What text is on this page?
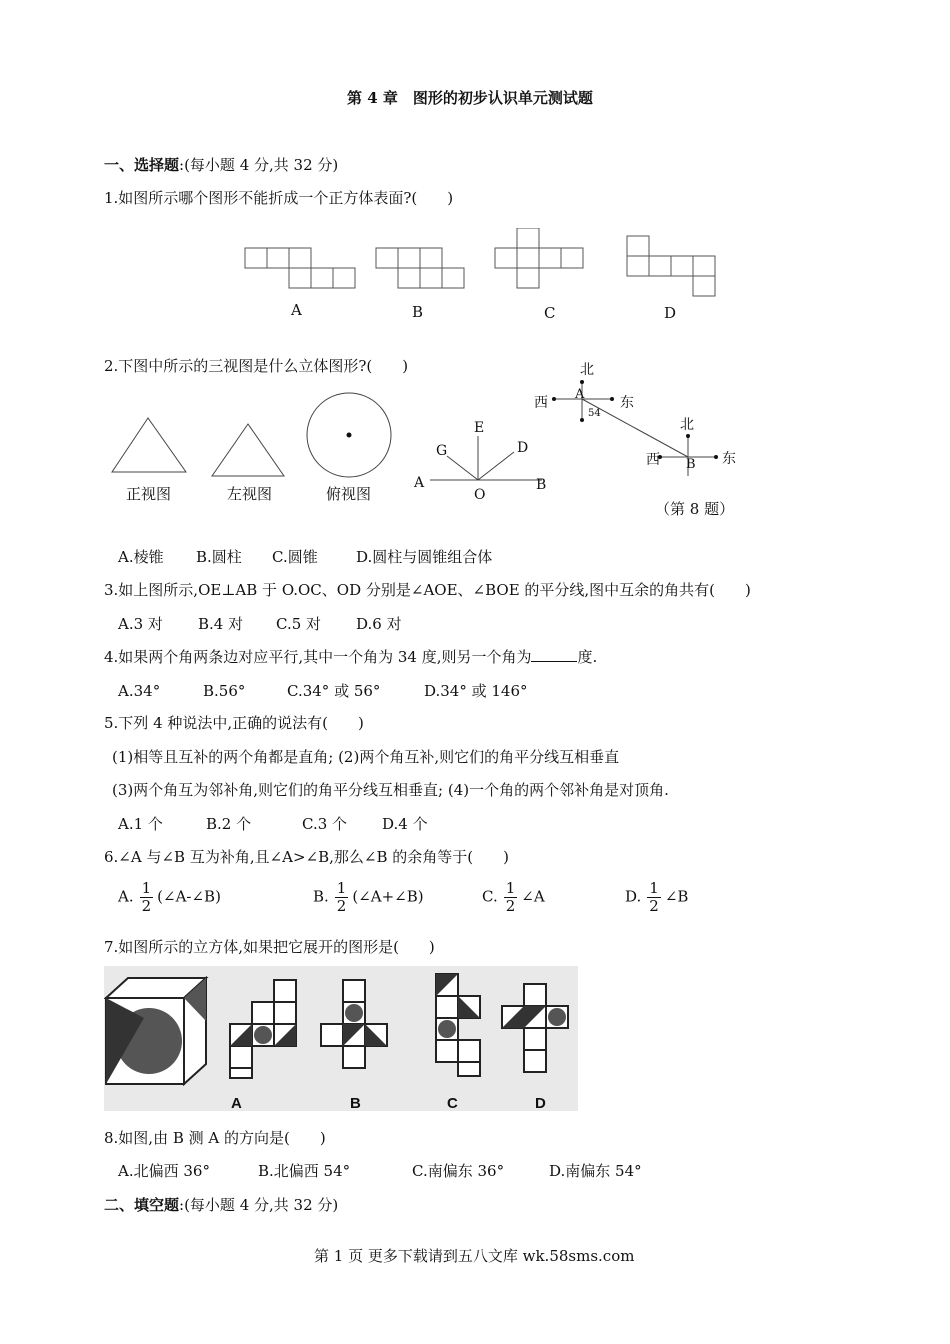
第 4 章　图形的初步认识单元测试题
一、选择题:(每小题 4 分,共 32 分)
1.如图所示哪个图形不能折成一个正方体表面?(　　)
A	B	C	D
2.下图中所示的三视图是什么立体图形?(　　)
正视图	左视图	俯视图
E
G	D
A
O
B
北
A
西	东
54
北
西 B 东
（第 8 题）
A.棱锥 B.圆柱 C.圆锥	D.圆柱与圆锥组合体
3.如上图所示,OE⊥AB 于 O.OC、OD 分别是∠AOE、∠BOE 的平分线,图中互余的角共有(　　)
A.3 对 B.4 对 C.5 对 D.6 对
4.如果两个角两条边对应平行,其中一个角为 34 度,则另一个角为	度.
A.34°	B.56°	C.34° 或 56°	D.34° 或 146°
5.下列 4 种说法中,正确的说法有(　　)
(1)相等且互补的两个角都是直角; (2)两个角互补,则它们的角平分线互相垂直
(3)两个角互为邻补角,则它们的角平分线互相垂直; (4)一个角的两个邻补角是对顶角.
A.1 个	B.2 个	C.3 个 D.4 个
6.∠A 与∠B 互为补角,且∠A>∠B,那么∠B 的余角等于(　　)
A. $\frac{1}{2}$ (∠A-∠B)	B. $\frac{1}{2}$ (∠A+∠B)	C. $\frac{1}{2}$ ∠A	D. $\frac{1}{2}$ ∠B
7.如图所示的立方体,如果把它展开的图形是(　　)
A	B	C	D
8.如图,由 B 测 A 的方向是(　　)
A.北偏西 36°	B.北偏西 54°	C.南偏东 36°	D.南偏东 54°
二、填空题:(每小题 4 分,共 32 分)
第 1 页 更多下载请到五八文库 wk.58sms.com
